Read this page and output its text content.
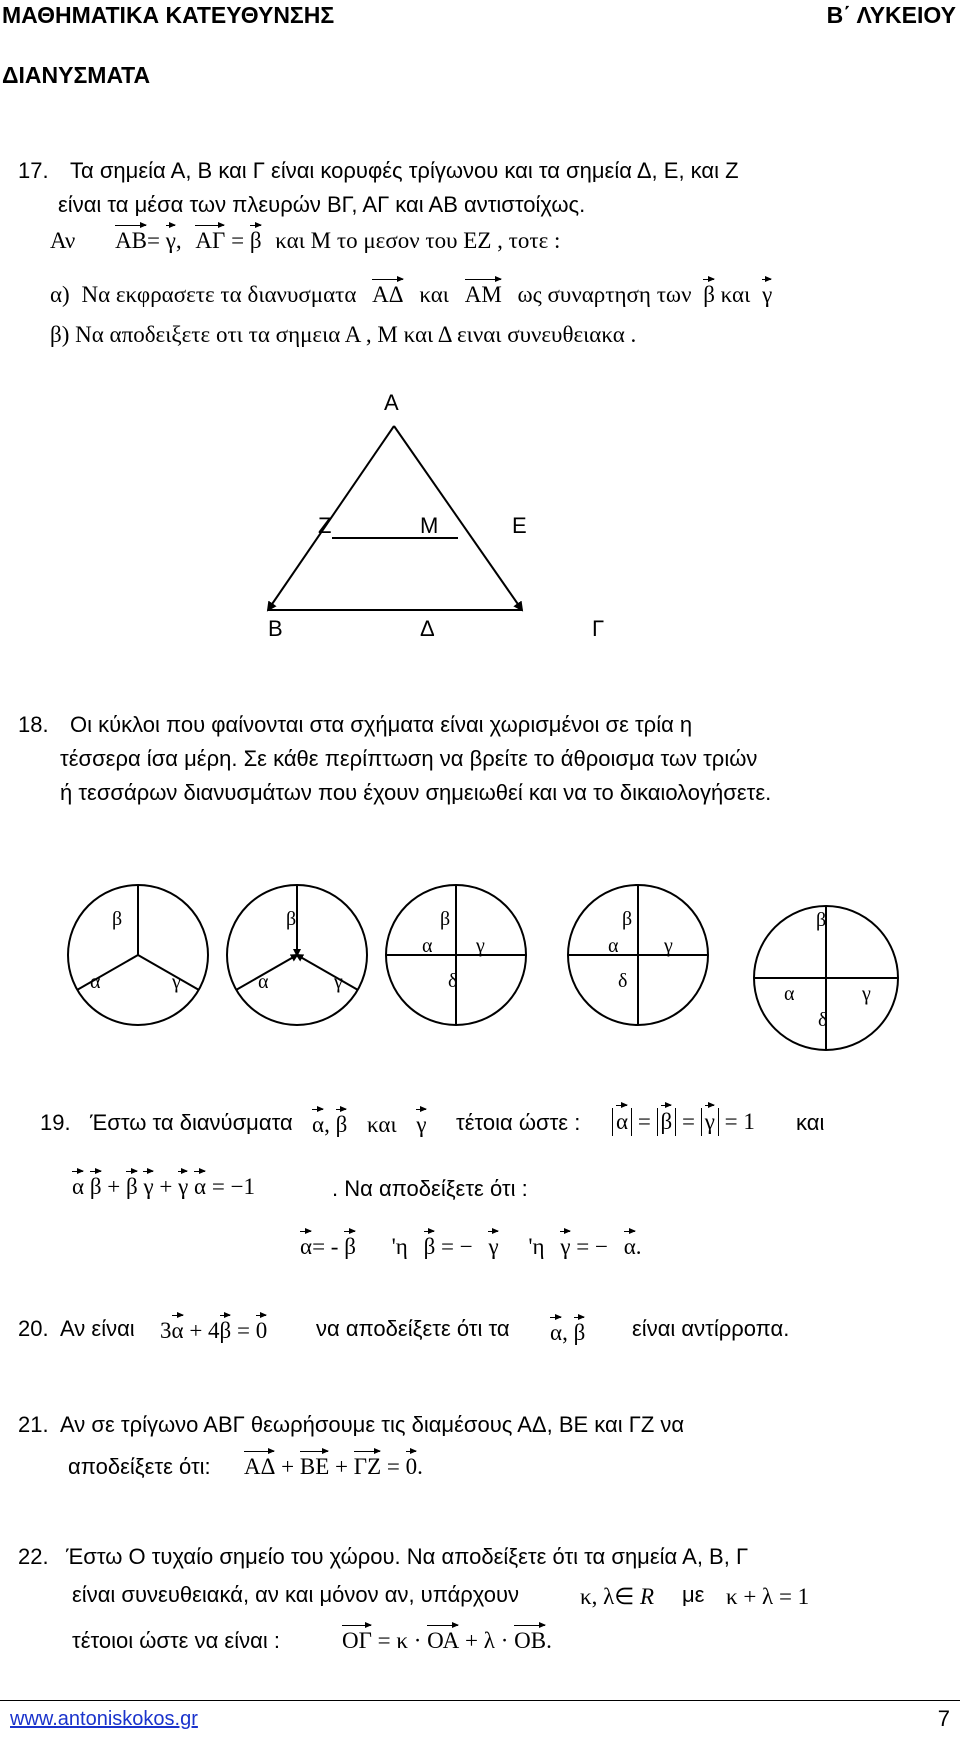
ΜΑΘΗΜΑΤΙΚΑ ΚΑΤΕΥΘΥΝΣΗΣ	Β΄ ΛΥΚΕΙΟΥ
ΔΙΑΝΥΣΜΑΤΑ
17. Τα σημεία Α, Β και Γ είναι κορυφές τρίγωνου και τα σημεία Δ, Ε, και Ζ
είναι τα μέσα των πλευρών ΒΓ, ΑΓ και ΑΒ αντιστοίχως.
Αν ΑΒ= γ, ΑΓ = β και Μ το μεσον του ΕΖ , τοτε :
α) Να εκφρασετε τα διανυσματα ΑΔ και ΑΜ ως συναρτηση των β και γ
β) Να αποδειξετε οτι τα σημεια Α , Μ και Δ ειναι συνευθειακα .
Α
Ζ	Μ	Ε
Β	Δ	Γ
18. Οι κύκλοι που φαίνονται στα σχήματα είναι χωρισμένοι σε τρία η
τέσσερα ίσα μέρη. Σε κάθε περίπτωση να βρείτε το άθροισμα των τριών
ή τεσσάρων διανυσμάτων που έχουν σημειωθεί και να το δικαιολογήσετε.
β
α	γ
β
α	γ
β
α γ
δ
β
α γ
δ
β
α	γ
δ
19. Έστω τα διανύσματα α, β και γ τέτοια ώστε : α = β = γ = 1 και
α β + β γ + γ α = −1	. Να αποδείξετε ότι :
α= - β 'η β = − γ 'η γ = − α.
20. Αν είναι 3α + 4β = 0 να αποδείξετε ότι τα α, β είναι αντίρροπα.
21. Αν σε τρίγωνο ΑΒΓ θεωρήσουμε τις διαμέσους ΑΔ, ΒΕ και ΓΖ να
αποδείξετε ότι: ΑΔ + ΒΕ + ΓΖ = 0.
22. Έστω Ο τυχαίο σημείο του χώρου. Να αποδείξετε ότι τα σημεία Α, Β, Γ
είναι συνευθειακά, αν και μόνον αν, υπάρχουν	κ, λ∈ R με κ + λ = 1
τέτοιοι ώστε να είναι :	ΟΓ = κ · ΟΑ + λ · ΟΒ.
www.antoniskokos.gr	7
